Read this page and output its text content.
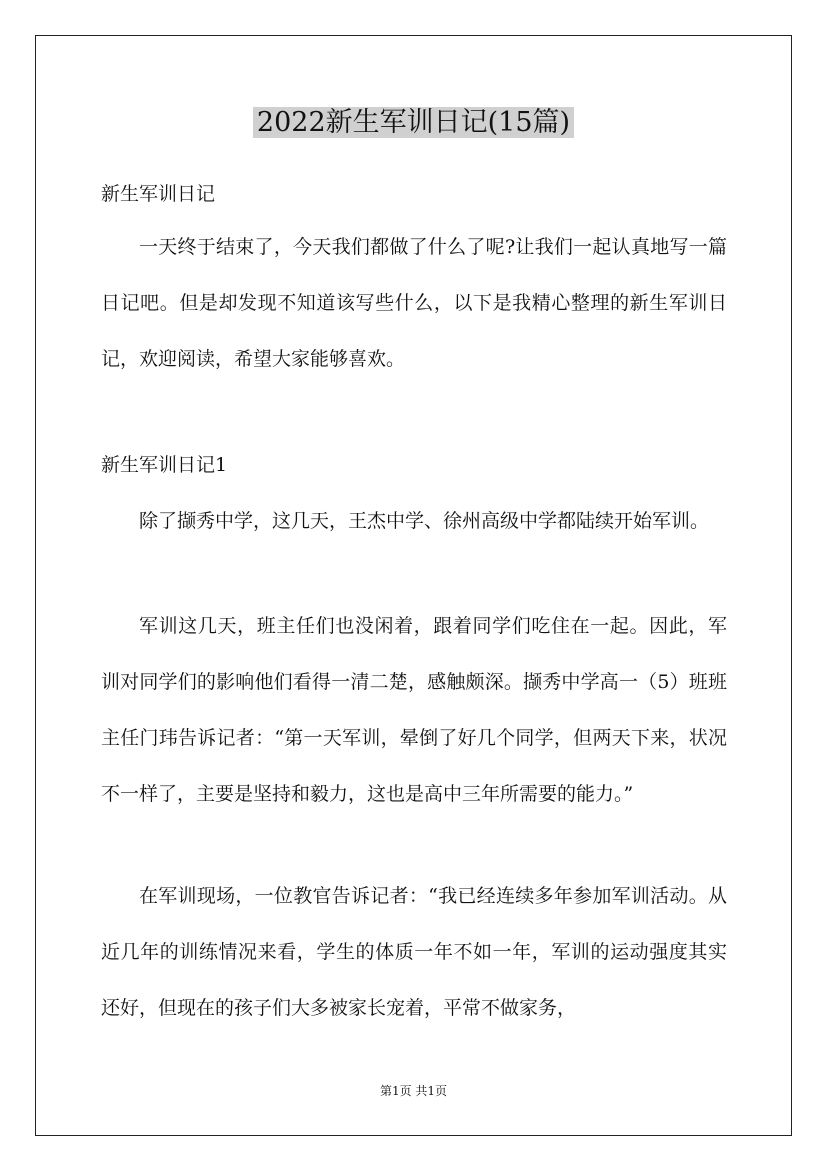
2022新生军训日记(15篇)
新生军训日记

一天终于结束了，今天我们都做了什么了呢?让我们一起认真地写一篇日记吧。但是却发现不知道该写些什么，以下是我精心整理的新生军训日记，欢迎阅读，希望大家能够喜欢。

新生军训日记1

除了撷秀中学，这几天，王杰中学、徐州高级中学都陆续开始军训。

军训这几天，班主任们也没闲着，跟着同学们吃住在一起。因此，军训对同学们的影响他们看得一清二楚，感触颇深。撷秀中学高一（5）班班主任门玮告诉记者：“第一天军训，晕倒了好几个同学，但两天下来，状况不一样了，主要是坚持和毅力，这也是高中三年所需要的能力。”

在军训现场，一位教官告诉记者：“我已经连续多年参加军训活动。从近几年的训练情况来看，学生的体质一年不如一年，军训的运动强度其实还好，但现在的孩子们大多被家长宠着，平常不做家务，

第1页 共1页
